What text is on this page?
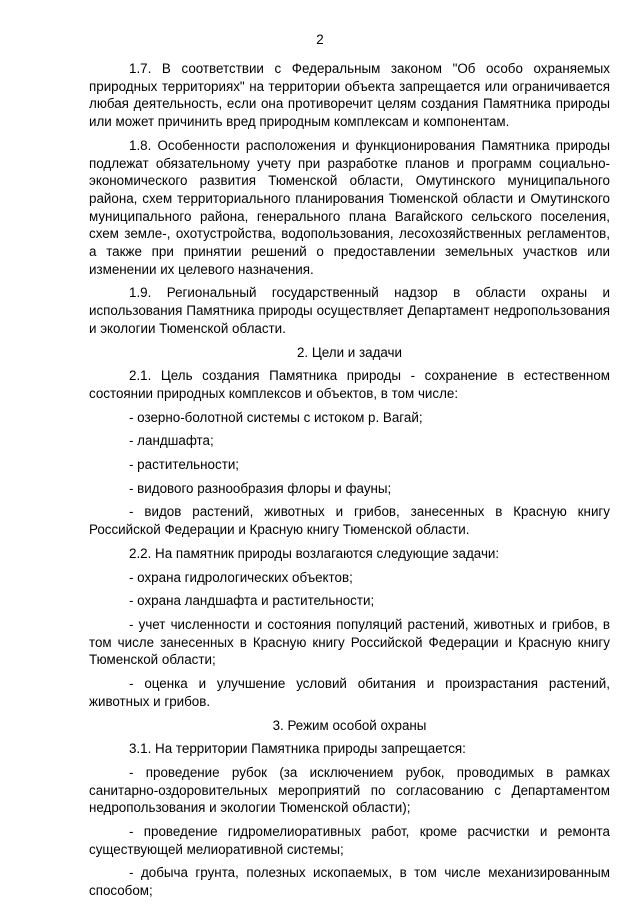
2

1.7. В соответствии с Федеральным законом "Об особо охраняемых природных территориях" на территории объекта запрещается или ограничивается любая деятельность, если она противоречит целям создания Памятника природы или может причинить вред природным комплексам и компонентам.

1.8. Особенности расположения и функционирования Памятника природы подлежат обязательному учету при разработке планов и программ социально-экономического развития Тюменской области, Омутинского муниципального района, схем территориального планирования Тюменской области и Омутинского муниципального района, генерального плана Вагайского сельского поселения, схем земле-, охотустройства, водопользования, лесохозяйственных регламентов, а также при принятии решений о предоставлении земельных участков или изменении их целевого назначения.

1.9. Региональный государственный надзор в области охраны и использования Памятника природы осуществляет Департамент недропользования и экологии Тюменской области.

2. Цели и задачи

2.1. Цель создания Памятника природы - сохранение в естественном состоянии природных комплексов и объектов, в том числе:

- озерно-болотной системы с истоком р. Вагай;

- ландшафта;

- растительности;

- видового разнообразия флоры и фауны;

- видов растений, животных и грибов, занесенных в Красную книгу Российской Федерации и Красную книгу Тюменской области.

2.2. На памятник природы возлагаются следующие задачи:

- охрана гидрологических объектов;

- охрана ландшафта и растительности;

- учет численности и состояния популяций растений, животных и грибов, в том числе занесенных в Красную книгу Российской Федерации и Красную книгу Тюменской области;

- оценка и улучшение условий обитания и произрастания растений, животных и грибов.

3. Режим особой охраны

3.1. На территории Памятника природы запрещается:

- проведение рубок (за исключением рубок, проводимых в рамках санитарно-оздоровительных мероприятий по согласованию с Департаментом недропользования и экологии Тюменской области);

- проведение гидромелиоративных работ, кроме расчистки и ремонта существующей мелиоративной системы;

- добыча грунта, полезных ископаемых, в том числе механизированным способом;
